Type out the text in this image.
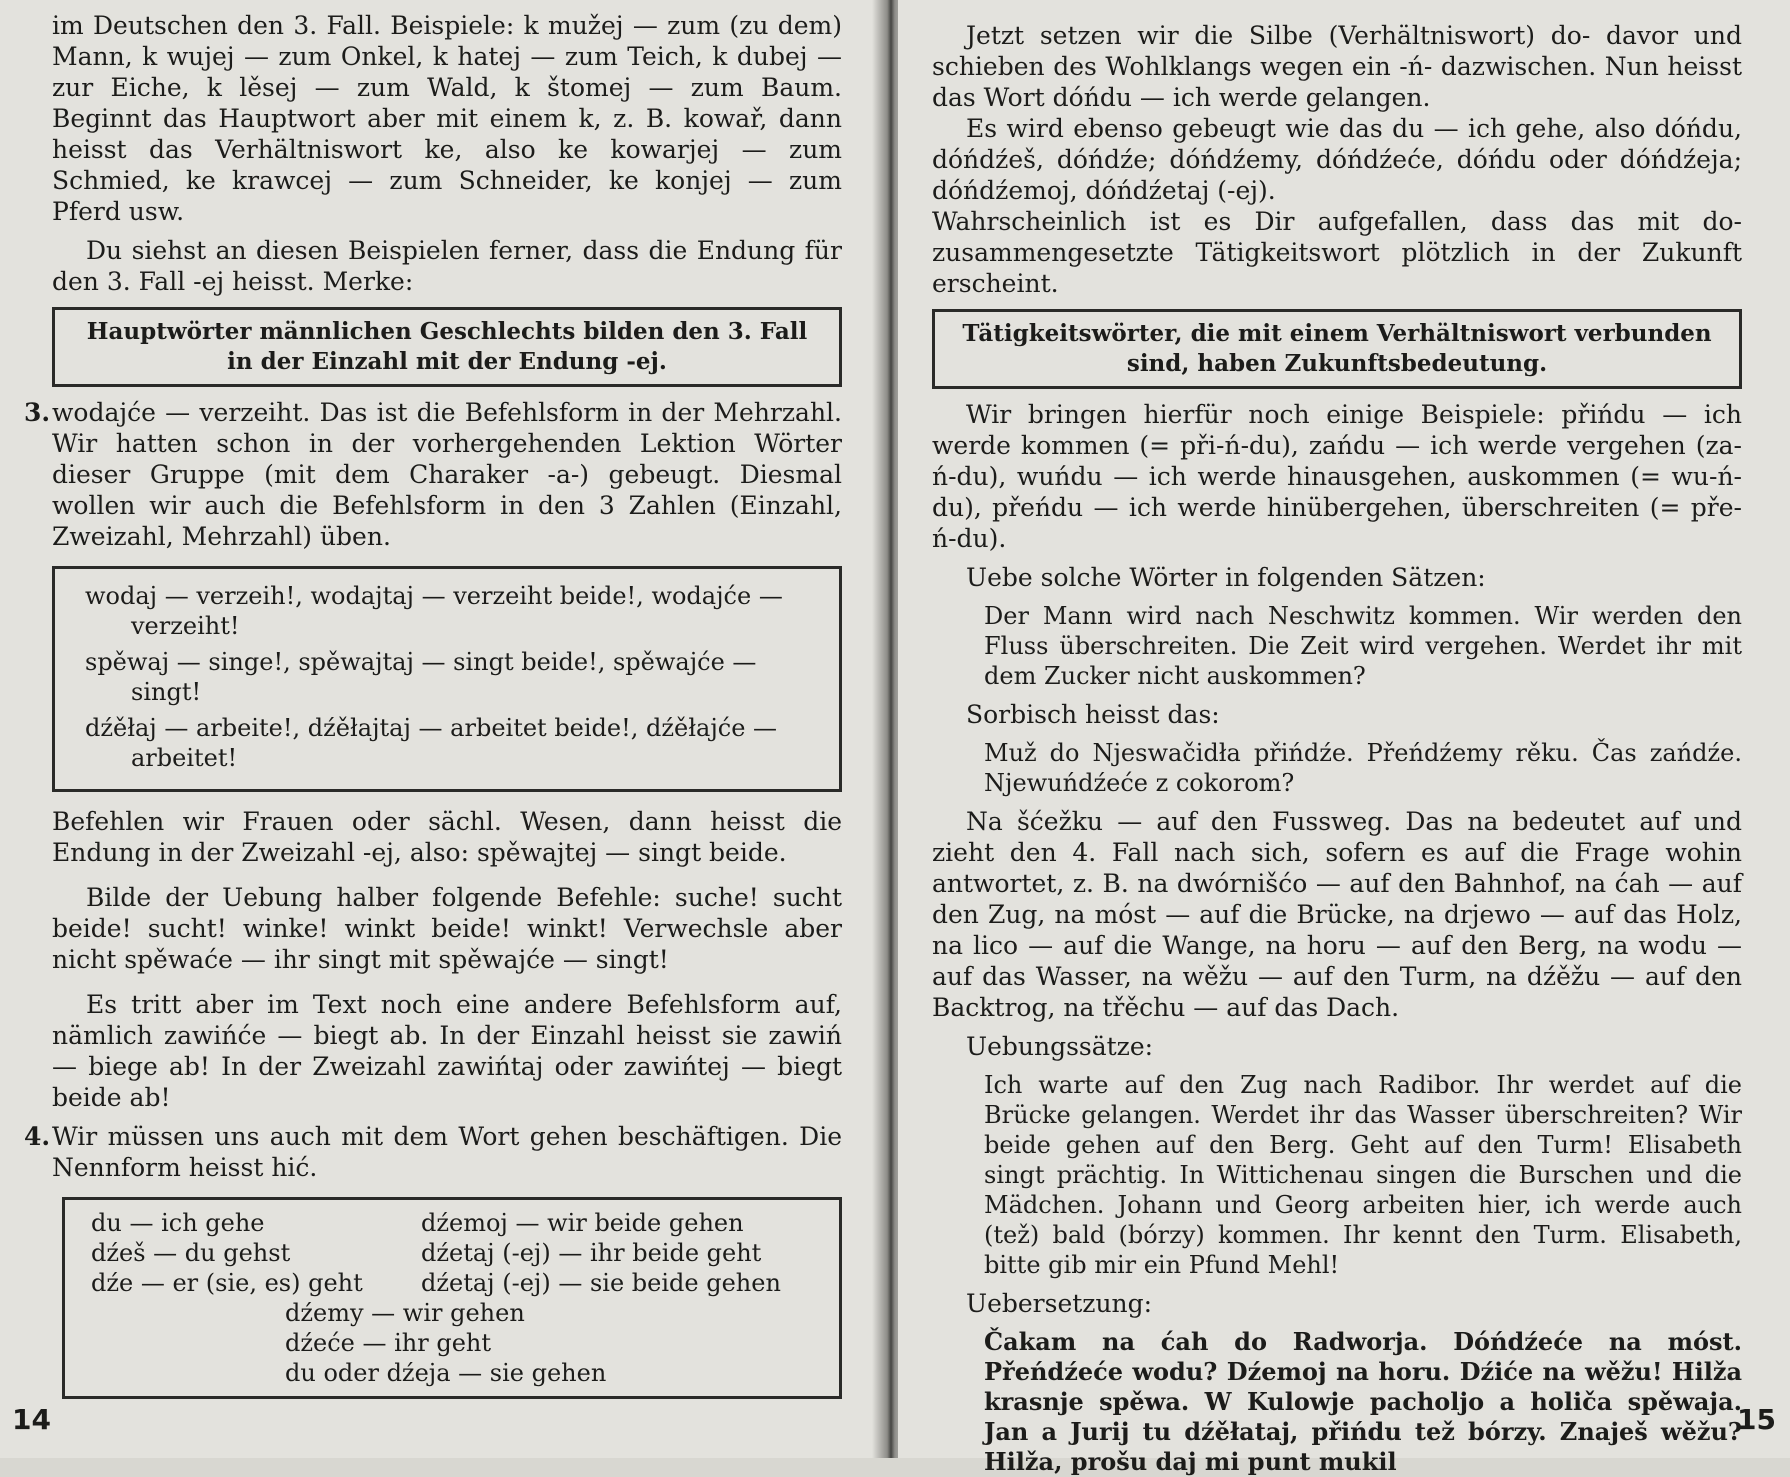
im Deutschen den 3. Fall. Beispiele: k mužej — zum (zu dem) Mann, k wujej — zum Onkel, k hatej — zum Teich, k dubej — zur Eiche, k lěsej — zum Wald, k štomej — zum Baum. Beginnt das Hauptwort aber mit einem k, z. B. kowař, dann heisst das Verhältniswort ke, also ke kowarjej — zum Schmied, ke krawcej — zum Schneider, ke konjej — zum Pferd usw.

Du siehst an diesen Beispielen ferner, dass die Endung für den 3. Fall -ej heisst. Merke:

Hauptwörter männlichen Geschlechts bilden den 3. Fall
in der Einzahl mit der Endung -ej.
3. wodajće — verzeiht. Das ist die Befehlsform in der Mehrzahl. Wir hatten schon in der vorhergehenden Lektion Wörter dieser Gruppe (mit dem Charaker -a-) gebeugt. Diesmal wollen wir auch die Befehlsform in den 3 Zahlen (Einzahl, Zweizahl, Mehrzahl) üben.

wodaj — verzeih!, wodajtaj — verzeiht beide!, wodajće — verzeiht!

spěwaj — singe!, spěwajtaj — singt beide!, spěwajće — singt!

dźěłaj — arbeite!, dźěłajtaj — arbeitet beide!, dźěłajće — arbeitet!

Befehlen wir Frauen oder sächl. Wesen, dann heisst die Endung in der Zweizahl -ej, also: spěwajtej — singt beide.

Bilde der Uebung halber folgende Befehle: suche! sucht beide! sucht! winke! winkt beide! winkt! Verwechsle aber nicht spěwaće — ihr singt mit spěwajće — singt!

Es tritt aber im Text noch eine andere Befehlsform auf, nämlich zawińće — biegt ab. In der Einzahl heisst sie zawiń — biege ab! In der Zweizahl zawińtaj oder zawińtej — biegt beide ab!

4. Wir müssen uns auch mit dem Wort gehen beschäftigen. Die Nennform heisst hić.

du — ich gehe
dźeš — du gehst
dźe — er (sie, es) geht
dźemoj — wir beide gehen
dźetaj (-ej) — ihr beide geht
dźetaj (-ej) — sie beide gehen
dźemy — wir gehen
dźeće — ihr geht
du oder dźeja — sie gehen
14

Jetzt setzen wir die Silbe (Verhältniswort) do- davor und schieben des Wohlklangs wegen ein -ń- dazwischen. Nun heisst das Wort dóńdu — ich werde gelangen.

Es wird ebenso gebeugt wie das du — ich gehe, also dóńdu, dóńdźeš, dóńdźe; dóńdźemy, dóńdźeće, dóńdu oder dóńdźeja; dóńdźemoj, dóńdźetaj (-ej).

Wahrscheinlich ist es Dir aufgefallen, dass das mit do- zusammengesetzte Tätigkeitswort plötzlich in der Zukunft erscheint.

Tätigkeitswörter, die mit einem Verhältniswort verbunden
sind, haben Zukunftsbedeutung.

Wir bringen hierfür noch einige Beispiele: přińdu — ich werde kommen (= při-ń-du), zańdu — ich werde vergehen (za-ń-du), wuńdu — ich werde hinausgehen, auskommen (= wu-ń-du), přeńdu — ich werde hinübergehen, überschreiten (= pře-ń-du).

Uebe solche Wörter in folgenden Sätzen:

Der Mann wird nach Neschwitz kommen. Wir werden den Fluss überschreiten. Die Zeit wird vergehen. Werdet ihr mit dem Zucker nicht auskommen?

Sorbisch heisst das:

Muž do Njeswačidła přińdźe. Přeńdźemy rěku. Čas zańdźe. Njewuńdźeće z cokorom?

Na šćežku — auf den Fussweg. Das na bedeutet auf und zieht den 4. Fall nach sich, sofern es auf die Frage wohin antwortet, z. B. na dwórnišćo — auf den Bahnhof, na ćah — auf den Zug, na móst — auf die Brücke, na drjewo — auf das Holz, na lico — auf die Wange, na horu — auf den Berg, na wodu — auf das Wasser, na wěžu — auf den Turm, na dźěžu — auf den Backtrog, na třěchu — auf das Dach.

Uebungssätze:

Ich warte auf den Zug nach Radibor. Ihr werdet auf die Brücke gelangen. Werdet ihr das Wasser überschreiten? Wir beide gehen auf den Berg. Geht auf den Turm! Elisabeth singt prächtig. In Wittichenau singen die Burschen und die Mädchen. Johann und Georg arbeiten hier, ich werde auch (tež) bald (bórzy) kommen. Ihr kennt den Turm. Elisabeth, bitte gib mir ein Pfund Mehl!

Uebersetzung:

Čakam na ćah do Radworja. Dóńdźeće na móst. Přeńdźeće wodu? Dźemoj na horu. Dźiće na wěžu! Hilža krasnje spěwa. W Kulowje pacholjo a holiča spěwaja. Jan a Jurij tu dźěłataj, přińdu tež bórzy. Znaješ wěžu? Hilža, prošu daj mi punt mukil

15
